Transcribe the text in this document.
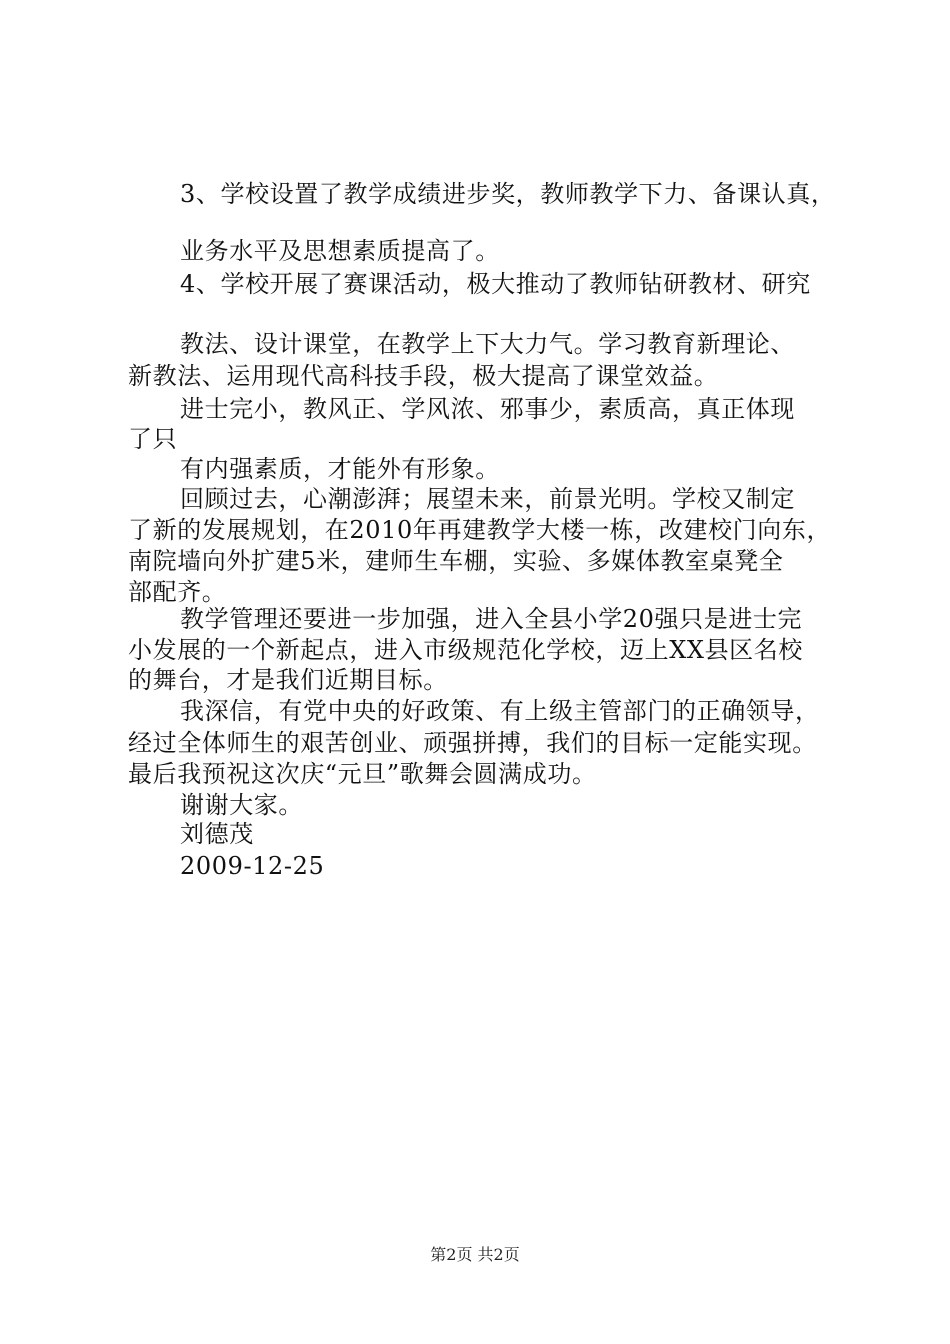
3、学校设置了教学成绩进步奖，教师教学下力、备课认真，
业务水平及思想素质提高了。
4、学校开展了赛课活动，极大推动了教师钻研教材、研究
教法、设计课堂，在教学上下大力气。学习教育新理论、
新教法、运用现代高科技手段，极大提高了课堂效益。
进士完小，教风正、学风浓、邪事少，素质高，真正体现
了只
有内强素质，才能外有形象。
回顾过去，心潮澎湃；展望未来，前景光明。学校又制定
了新的发展规划，在2010年再建教学大楼一栋，改建校门向东，
南院墙向外扩建5米，建师生车棚，实验、多媒体教室桌凳全
部配齐。
教学管理还要进一步加强，进入全县小学20强只是进士完
小发展的一个新起点，进入市级规范化学校，迈上XX县区名校
的舞台，才是我们近期目标。
我深信，有党中央的好政策、有上级主管部门的正确领导，
经过全体师生的艰苦创业、顽强拼搏，我们的目标一定能实现。
最后我预祝这次庆“元旦”歌舞会圆满成功。
谢谢大家。
刘德茂
2009-12-25
第2页 共2页
